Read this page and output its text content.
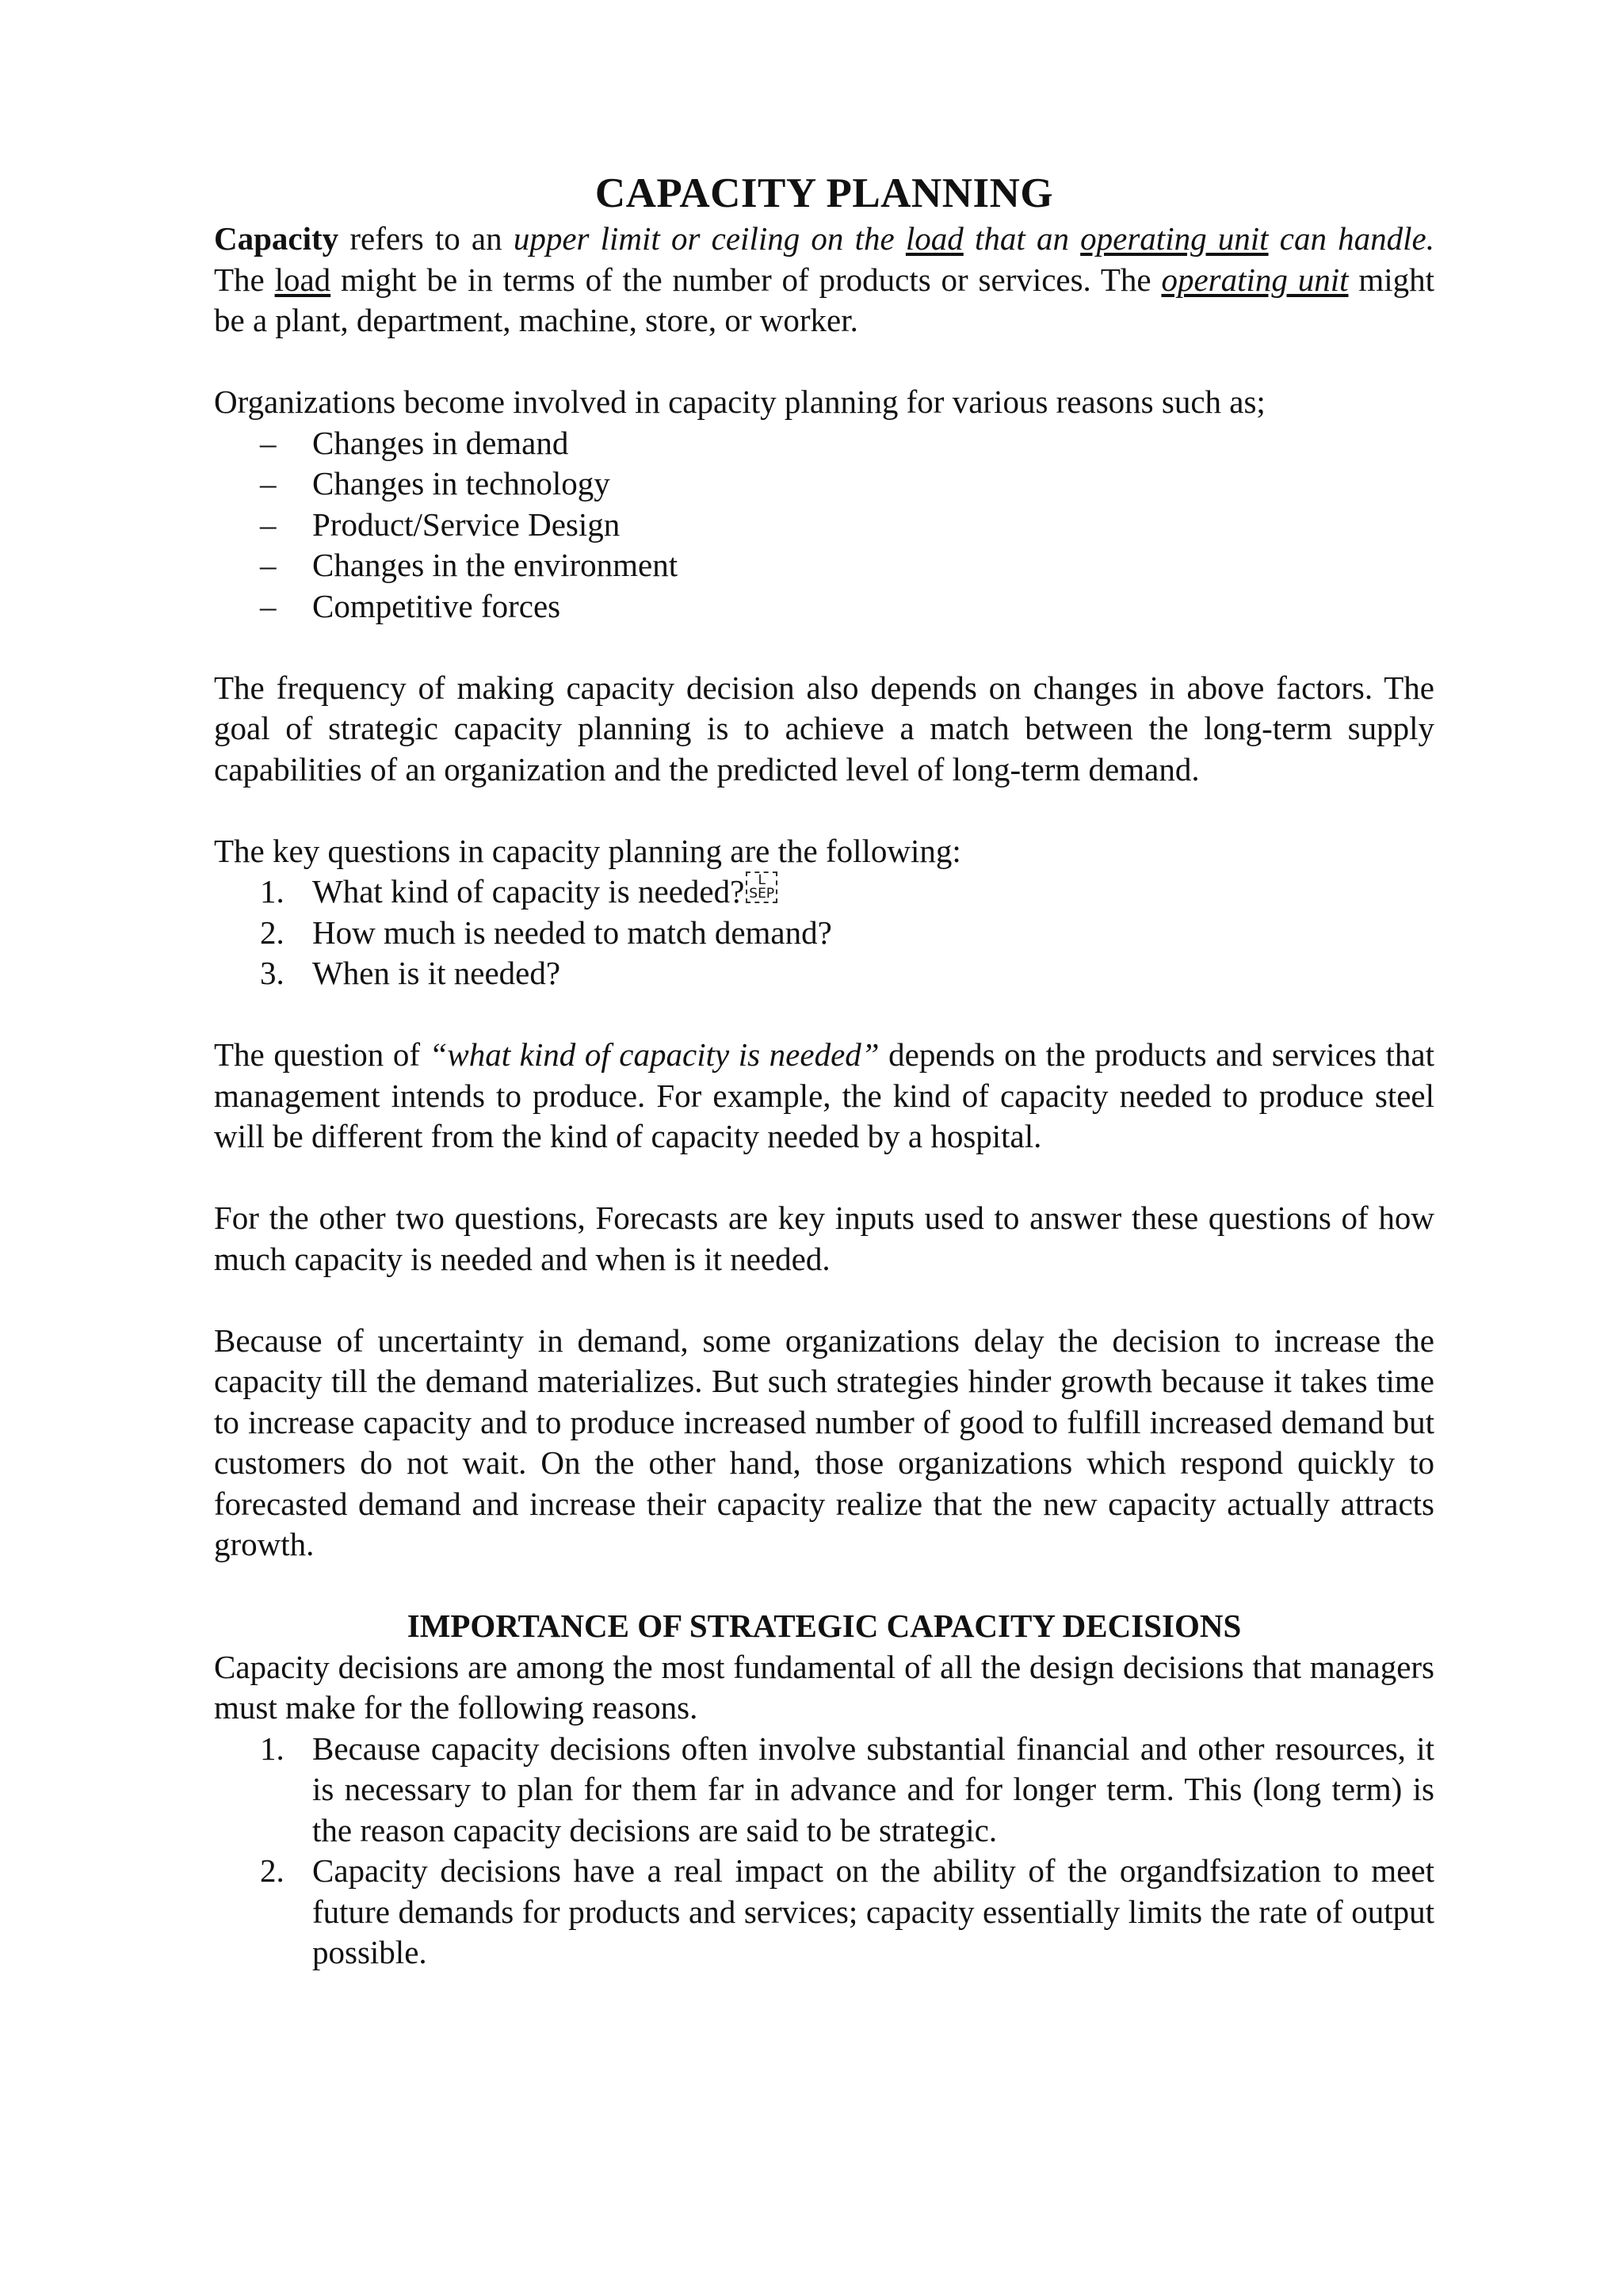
CAPACITY PLANNING

Capacity refers to an upper limit or ceiling on the load that an operating unit can handle. The load might be in terms of the number of products or services. The operating unit might be a plant, department, machine, store, or worker.

Organizations become involved in capacity planning for various reasons such as;

– Changes in demand
– Changes in technology
– Product/Service Design
– Changes in the environment
– Competitive forces

The frequency of making capacity decision also depends on changes in above factors. The goal of strategic capacity planning is to achieve a match between the long-term supply capabilities of an organization and the predicted level of long-term demand.

The key questions in capacity planning are the following:

1. What kind of capacity is needed? L
SEP
2. How much is needed to match demand?
3. When is it needed?

The question of “what kind of capacity is needed” depends on the products and services that management intends to produce. For example, the kind of capacity needed to produce steel will be different from the kind of capacity needed by a hospital.

For the other two questions, Forecasts are key inputs used to answer these questions of how much capacity is needed and when is it needed.

Because of uncertainty in demand, some organizations delay the decision to increase the capacity till the demand materializes. But such strategies hinder growth because it takes time to increase capacity and to produce increased number of good to fulfill increased demand but customers do not wait. On the other hand, those organizations which respond quickly to forecasted demand and increase their capacity realize that the new capacity actually attracts growth.

IMPORTANCE OF STRATEGIC CAPACITY DECISIONS

Capacity decisions are among the most fundamental of all the design decisions that managers must make for the following reasons.

1. Because capacity decisions often involve substantial financial and other resources, it is necessary to plan for them far in advance and for longer term. This (long term) is the reason capacity decisions are said to be strategic.
2. Capacity decisions have a real impact on the ability of the organdfsization to meet future demands for products and services; capacity essentially limits the rate of output possible.
